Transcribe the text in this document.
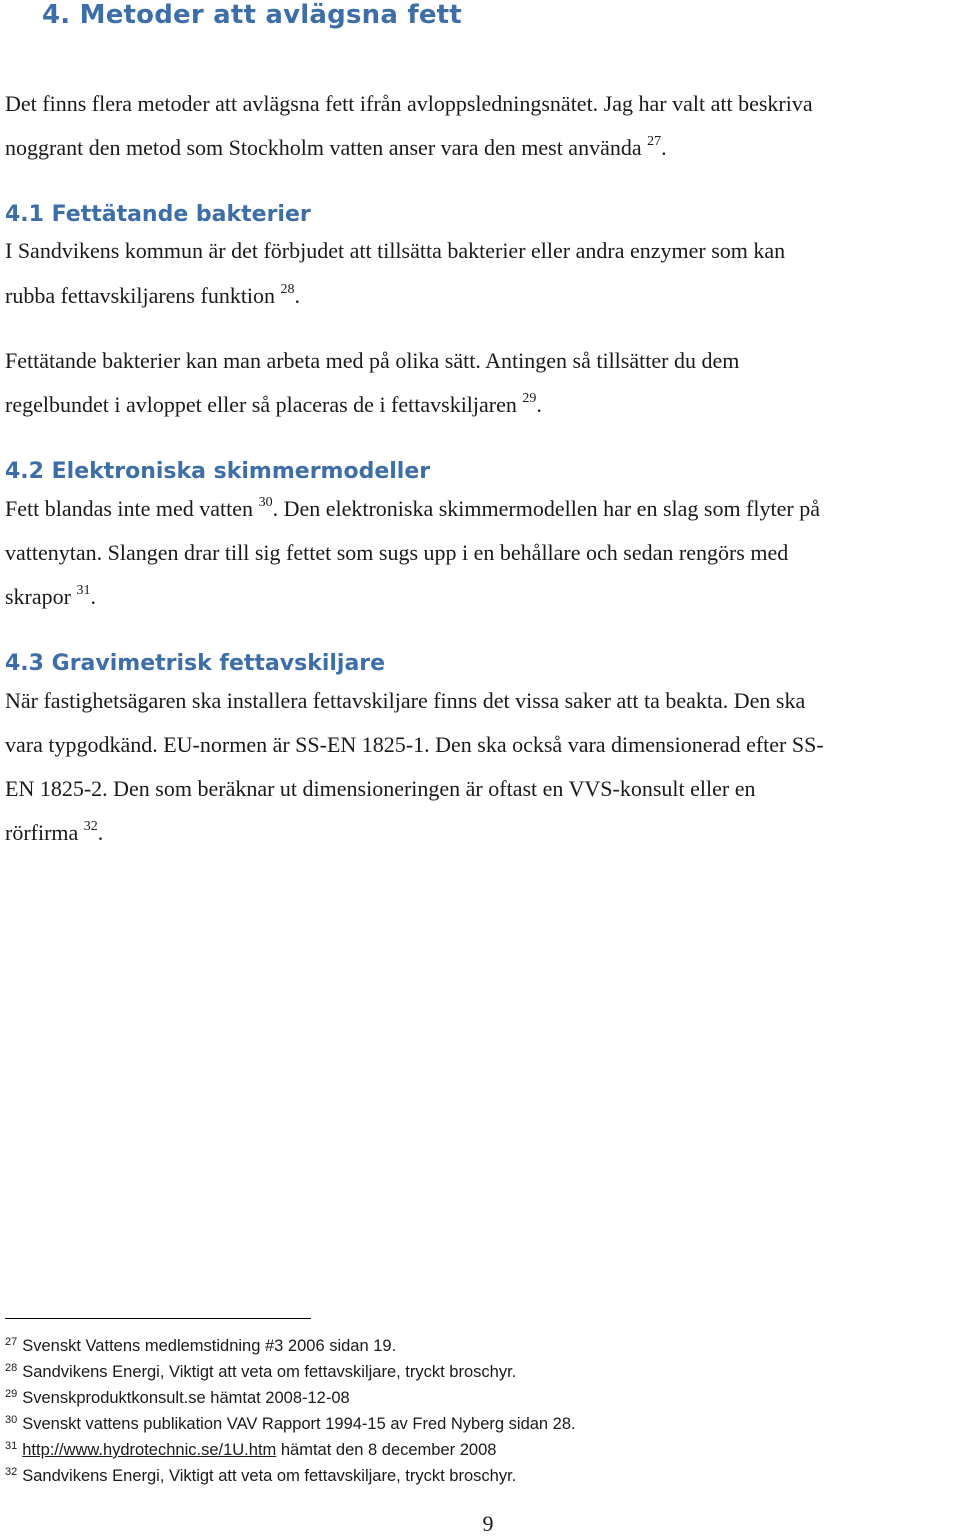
4. Metoder att avlägsna fett
Det finns flera metoder att avlägsna fett ifrån avloppsledningsnätet. Jag har valt att beskriva
noggrant den metod som Stockholm vatten anser vara den mest använda $^{27}$.
4.1 Fettätande bakterier
I Sandvikens kommun är det förbjudet att tillsätta bakterier eller andra enzymer som kan
rubba fettavskiljarens funktion $^{28}$.
Fettätande bakterier kan man arbeta med på olika sätt. Antingen så tillsätter du dem
regelbundet i avloppet eller så placeras de i fettavskiljaren $^{29}$.
4.2 Elektroniska skimmermodeller
Fett blandas inte med vatten $^{30}$. Den elektroniska skimmermodellen har en slag som flyter på
vattenytan. Slangen drar till sig fettet som sugs upp i en behållare och sedan rengörs med
skrapor $^{31}$.
4.3 Gravimetrisk fettavskiljare
När fastighetsägaren ska installera fettavskiljare finns det vissa saker att ta beakta. Den ska
vara typgodkänd. EU-normen är SS-EN 1825-1. Den ska också vara dimensionerad efter SS-
EN 1825-2. Den som beräknar ut dimensioneringen är oftast en VVS-konsult eller en
rörfirma $^{32}$.
$^{27}$ Svenskt Vattens medlemstidning #3 2006 sidan 19.
$^{28}$ Sandvikens Energi, Viktigt att veta om fettavskiljare, tryckt broschyr.
$^{29}$ Svenskproduktkonsult.se hämtat 2008-12-08
$^{30}$ Svenskt vattens publikation VAV Rapport 1994-15 av Fred Nyberg sidan 28.
$^{31}$ http://www.hydrotechnic.se/1U.htm hämtat den 8 december 2008
$^{32}$ Sandvikens Energi, Viktigt att veta om fettavskiljare, tryckt broschyr.
9
